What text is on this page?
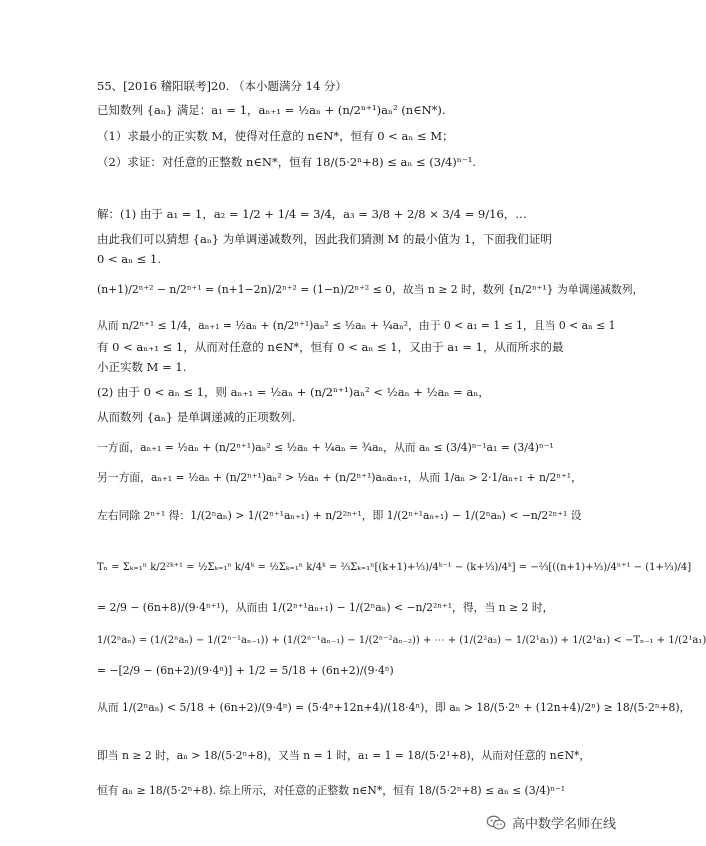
55、[2016 稽阳联考]20. （本小题满分 14 分）
已知数列 {aₙ} 满足：a₁ = 1，aₙ₊₁ = ½aₙ + (n/2ⁿ⁺¹)aₙ² (n∈N*).
（1）求最小的正实数 M，使得对任意的 n∈N*，恒有 0 < aₙ ≤ M；
（2）求证：对任意的正整数 n∈N*，恒有 18/(5·2ⁿ+8) ≤ aₙ ≤ (3/4)ⁿ⁻¹.
解：(1) 由于 a₁ = 1，a₂ = 1/2 + 1/4 = 3/4，a₃ = 3/8 + 2/8 × 3/4 = 9/16，…
由此我们可以猜想 {aₙ} 为单调递减数列，因此我们猜测 M 的最小值为 1，下面我们证明
0 < aₙ ≤ 1.
(n+1)/2ⁿ⁺² − n/2ⁿ⁺¹ = (n+1−2n)/2ⁿ⁺² = (1−n)/2ⁿ⁺² ≤ 0，故当 n ≥ 2 时，数列 {n/2ⁿ⁺¹} 为单调递减数列，
从而 n/2ⁿ⁺¹ ≤ 1/4，aₙ₊₁ = ½aₙ + (n/2ⁿ⁺¹)aₙ² ≤ ½aₙ + ¼aₙ²，由于 0 < a₁ = 1 ≤ 1，且当 0 < aₙ ≤ 1
有 0 < aₙ₊₁ ≤ 1，从而对任意的 n∈N*，恒有 0 < aₙ ≤ 1，又由于 a₁ = 1，从而所求的最
小正实数 M = 1.
(2) 由于 0 < aₙ ≤ 1，则 aₙ₊₁ = ½aₙ + (n/2ⁿ⁺¹)aₙ² < ½aₙ + ½aₙ = aₙ，
从而数列 {aₙ} 是单调递减的正项数列.
一方面，aₙ₊₁ = ½aₙ + (n/2ⁿ⁺¹)aₙ² ≤ ½aₙ + ¼aₙ = ¾aₙ，从而 aₙ ≤ (3/4)ⁿ⁻¹a₁ = (3/4)ⁿ⁻¹
另一方面，aₙ₊₁ = ½aₙ + (n/2ⁿ⁺¹)aₙ² > ½aₙ + (n/2ⁿ⁺¹)aₙaₙ₊₁，从而 1/aₙ > 2·1/aₙ₊₁ + n/2ⁿ⁺¹，
左右同除 2ⁿ⁺¹ 得：1/(2ⁿaₙ) > 1/(2ⁿ⁺¹aₙ₊₁) + n/2²ⁿ⁺¹，即 1/(2ⁿ⁺¹aₙ₊₁) − 1/(2ⁿaₙ) < −n/2²ⁿ⁺¹ 设
Tₙ = Σₖ₌₁ⁿ k/2²ᵏ⁺¹ = ½Σₖ₌₁ⁿ k/4ᵏ = ½Σₖ₌₁ⁿ k/4ᵏ = ⅔Σₖ₌₁ⁿ[(k+1)+⅓)/4ᵏ⁻¹ − (k+⅓)/4ᵏ] = −⅔[((n+1)+⅓)/4ⁿ⁺¹ − (1+⅓)/4]
= 2/9 − (6n+8)/(9·4ⁿ⁺¹)，从而由 1/(2ⁿ⁺¹aₙ₊₁) − 1/(2ⁿaₙ) < −n/2²ⁿ⁺¹，得，当 n ≥ 2 时，
1/(2ⁿaₙ) = (1/(2ⁿaₙ) − 1/(2ⁿ⁻¹aₙ₋₁)) + (1/(2ⁿ⁻¹aₙ₋₁) − 1/(2ⁿ⁻²aₙ₋₂)) + ⋯ + (1/(2²a₂) − 1/(2¹a₁)) + 1/(2¹a₁) < −Tₙ₋₁ + 1/(2¹a₁)
= −[2/9 − (6n+2)/(9·4ⁿ)] + 1/2 = 5/18 + (6n+2)/(9·4ⁿ)
从而 1/(2ⁿaₙ) < 5/18 + (6n+2)/(9·4ⁿ) = (5·4ⁿ+12n+4)/(18·4ⁿ)，即 aₙ > 18/(5·2ⁿ + (12n+4)/2ⁿ) ≥ 18/(5·2ⁿ+8)，
即当 n ≥ 2 时，aₙ > 18/(5·2ⁿ+8)，又当 n = 1 时，a₁ = 1 = 18/(5·2¹+8)，从而对任意的 n∈N*，
恒有 aₙ ≥ 18/(5·2ⁿ+8). 综上所示，对任意的正整数 n∈N*，恒有 18/(5·2ⁿ+8) ≤ aₙ ≤ (3/4)ⁿ⁻¹
高中数学名师在线
